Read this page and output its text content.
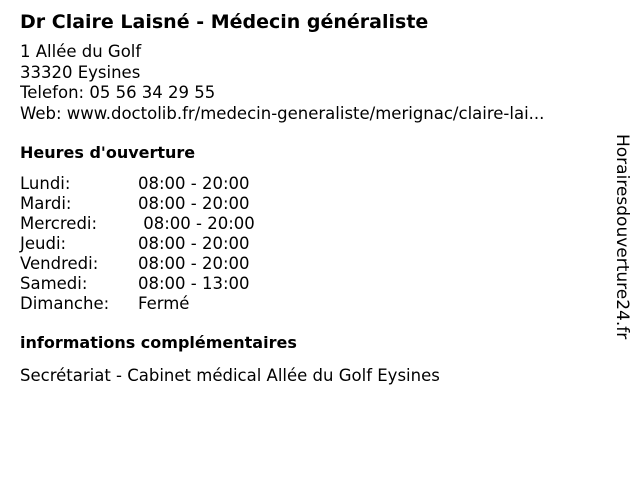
Dr Claire Laisné - Médecin généraliste
1 Allée du Golf
33320 Eysines
Telefon: 05 56 34 29 55
Web: www.doctolib.fr/medecin-generaliste/merignac/claire-lai...
Heures d'ouverture
Lundi:	08:00 - 20:00
Mardi:	08:00 - 20:00
Mercredi:	08:00 - 20:00
Jeudi:	08:00 - 20:00
Vendredi:	08:00 - 20:00
Samedi:	08:00 - 13:00
Dimanche:	Fermé
informations complémentaires
Secrétariat - Cabinet médical Allée du Golf Eysines
Horairesdouverture24.fr
